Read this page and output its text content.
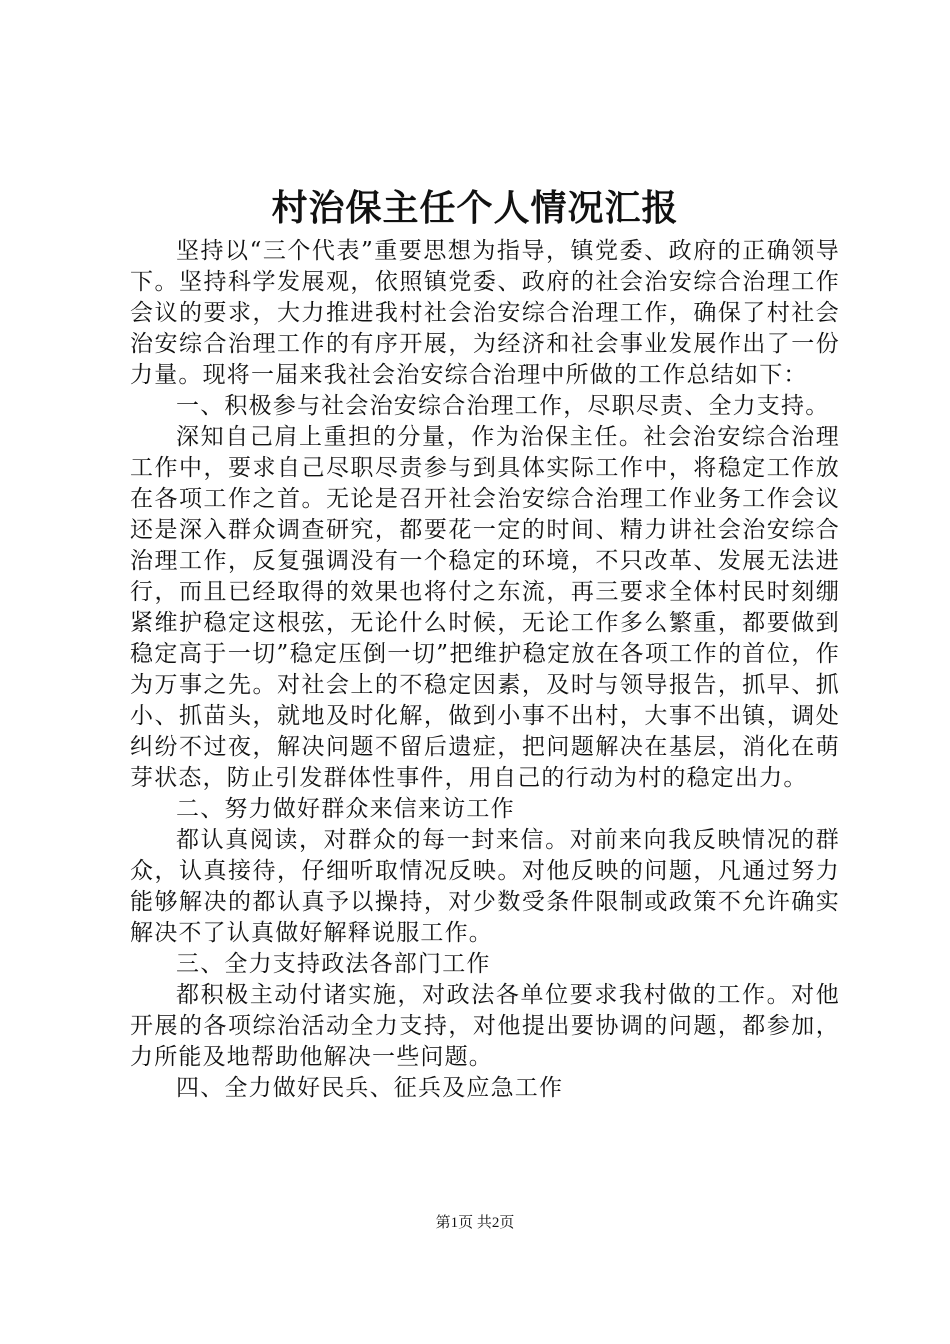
村治保主任个人情况汇报

坚持以“三个代表”重要思想为指导，镇党委、政府的正确领导下。坚持科学发展观，依照镇党委、政府的社会治安综合治理工作会议的要求，大力推进我村社会治安综合治理工作，确保了村社会治安综合治理工作的有序开展，为经济和社会事业发展作出了一份力量。现将一届来我社会治安综合治理中所做的工作总结如下：

一、积极参与社会治安综合治理工作，尽职尽责、全力支持。

深知自己肩上重担的分量，作为治保主任。社会治安综合治理工作中，要求自己尽职尽责参与到具体实际工作中，将稳定工作放在各项工作之首。无论是召开社会治安综合治理工作业务工作会议还是深入群众调查研究，都要花一定的时间、精力讲社会治安综合治理工作，反复强调没有一个稳定的环境，不只改革、发展无法进行，而且已经取得的效果也将付之东流，再三要求全体村民时刻绷紧维护稳定这根弦，无论什么时候，无论工作多么繁重，都要做到稳定高于一切”稳定压倒一切”把维护稳定放在各项工作的首位，作为万事之先。对社会上的不稳定因素，及时与领导报告，抓早、抓小、抓苗头，就地及时化解，做到小事不出村，大事不出镇，调处纠纷不过夜，解决问题不留后遗症，把问题解决在基层，消化在萌芽状态，防止引发群体性事件，用自己的行动为村的稳定出力。

二、努力做好群众来信来访工作

都认真阅读，对群众的每一封来信。对前来向我反映情况的群众，认真接待，仔细听取情况反映。对他反映的问题，凡通过努力能够解决的都认真予以操持，对少数受条件限制或政策不允许确实解决不了认真做好解释说服工作。

三、全力支持政法各部门工作

都积极主动付诸实施，对政法各单位要求我村做的工作。对他开展的各项综治活动全力支持，对他提出要协调的问题，都参加，力所能及地帮助他解决一些问题。

四、全力做好民兵、征兵及应急工作

第1页 共2页
